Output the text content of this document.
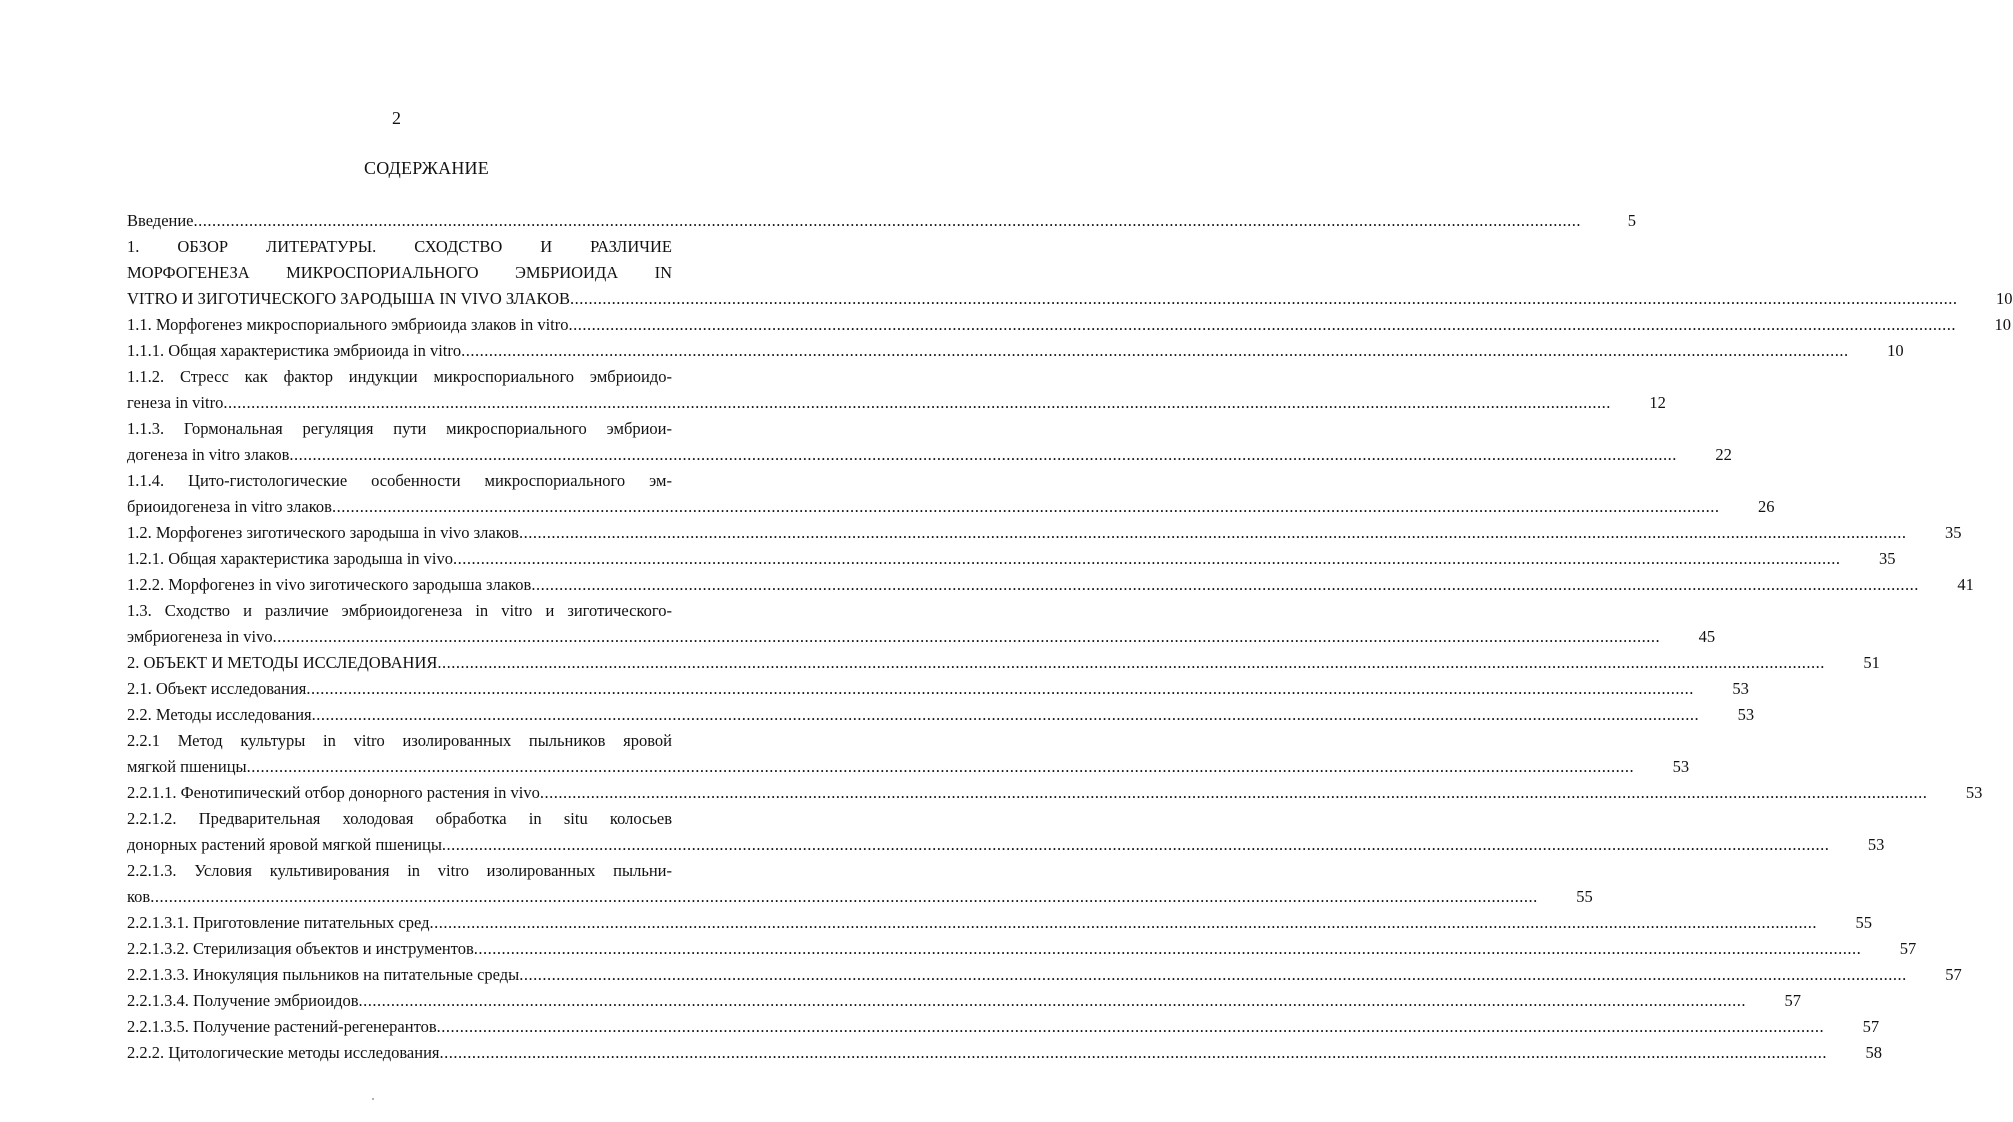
2
СОДЕРЖАНИЕ
Введение ............................................................................................................................................................................................................................................................................................................	5
1. ОБЗОР ЛИТЕРАТУРЫ. СХОДСТВО И РАЗЛИЧИЕ
МОРФОГЕНЕЗА МИКРОСПОРИАЛЬНОГО ЭМБРИОИДА IN
VITRO И ЗИГОТИЧЕСКОГО ЗАРОДЫША IN VIVO ЗЛАКОВ ............................................................................................................................................................................................................................................................................................................	10
1.1. Морфогенез микроспориального эмбриоида злаков in vitro ............................................................................................................................................................................................................................................................................................................	10
1.1.1. Общая характеристика эмбриоида in vitro ............................................................................................................................................................................................................................................................................................................	10
1.1.2. Стресс как фактор индукции микроспориального эмбриоидо-
генеза in vitro ............................................................................................................................................................................................................................................................................................................	12
1.1.3. Гормональная регуляция пути микроспориального эмбриои-
догенеза in vitro злаков ............................................................................................................................................................................................................................................................................................................	22
1.1.4. Цито-гистологические особенности микроспориального эм-
бриоидогенеза in vitro злаков ............................................................................................................................................................................................................................................................................................................	26
1.2. Морфогенез зиготического зародыша in vivo злаков ............................................................................................................................................................................................................................................................................................................	35
1.2.1. Общая характеристика зародыша in vivo ............................................................................................................................................................................................................................................................................................................	35
1.2.2. Морфогенез in vivo зиготического зародыша злаков ............................................................................................................................................................................................................................................................................................................	41
1.3. Сходство и различие эмбриоидогенеза in vitro и зиготического-
эмбриогенеза in vivo ............................................................................................................................................................................................................................................................................................................	45
2. ОБЪЕКТ И МЕТОДЫ ИССЛЕДОВАНИЯ ............................................................................................................................................................................................................................................................................................................	51
2.1. Объект исследования ............................................................................................................................................................................................................................................................................................................	53
2.2. Методы исследования ............................................................................................................................................................................................................................................................................................................	53
2.2.1 Метод культуры in vitro изолированных пыльников яровой
мягкой пшеницы ............................................................................................................................................................................................................................................................................................................	53
2.2.1.1. Фенотипический отбор донорного растения in vivo ............................................................................................................................................................................................................................................................................................................	53
2.2.1.2. Предварительная холодовая обработка in situ колосьев
донорных растений яровой мягкой пшеницы ............................................................................................................................................................................................................................................................................................................	53
2.2.1.3. Условия культивирования in vitro изолированных пыльни-
ков ............................................................................................................................................................................................................................................................................................................	55
2.2.1.3.1. Приготовление питательных сред ............................................................................................................................................................................................................................................................................................................	55
2.2.1.3.2. Стерилизация объектов и инструментов ............................................................................................................................................................................................................................................................................................................	57
2.2.1.3.3. Инокуляция пыльников на питательные среды ............................................................................................................................................................................................................................................................................................................	57
2.2.1.3.4. Получение эмбриоидов ............................................................................................................................................................................................................................................................................................................	57
2.2.1.3.5. Получение растений-регенерантов ............................................................................................................................................................................................................................................................................................................	57
2.2.2. Цитологические методы исследования ............................................................................................................................................................................................................................................................................................................	58
